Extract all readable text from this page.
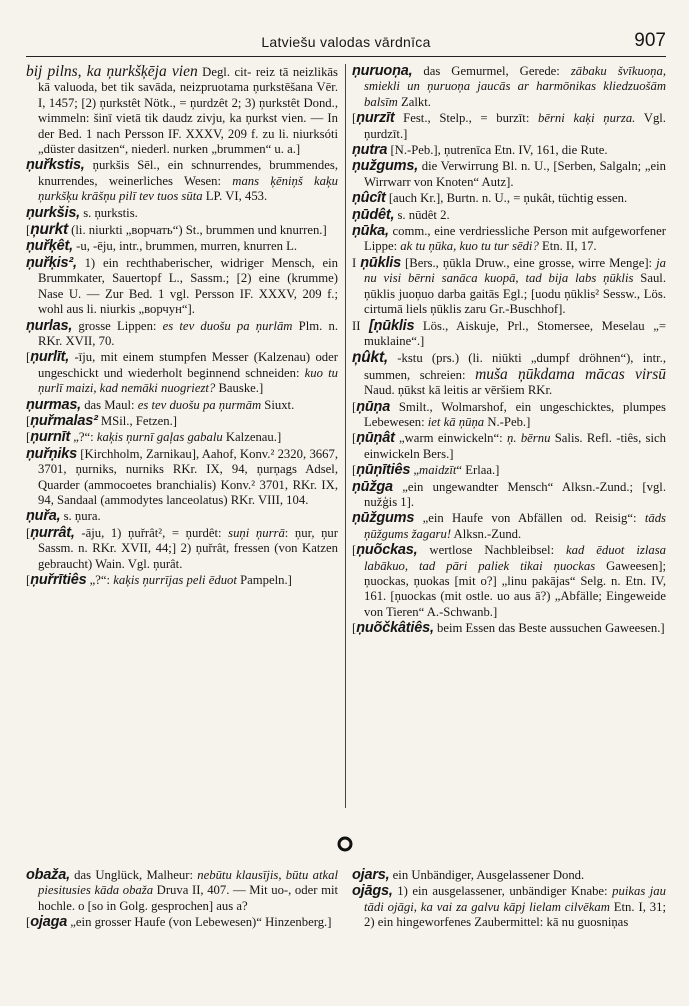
Latviešu valodas vārdnīca	907

bij pilns, ka ņurkšķēja vien Degl. cit- reiz tā neizlikās kā valuoda, bet tik savāda, neizpruotama ņurkstēšana Vēr. I, 1457; [2) ņurkstêt Nötk., = ņurdzêt 2; 3) ņurkstêt Dond., wimmeln: šinī vietā tik daudz zivju, ka ņurkst vien. — In der Bed. 1 nach Persson IF. XXXV, 209 f. zu li. niurksóti „düster dasitzen“, niederl. nurken „brummen“ u. a.]

ņuřkstis, ņurkšis Sēl., ein schnurrendes, brummendes, knurrendes, weinerliches Wesen: mans ķēniņš kaķu ņurkšķu krāšņu pilī tev tuos sūta LP. VI, 453.

ņurkšis, s. ņurkstis.

[ņurkt (li. niurkti „ворчать“) St., brummen und knurren.]

ņuřķêt, -u, -ēju, intr., brummen, murren, knurren L.

ņuřķis², 1) ein rechthaberischer, widriger Mensch, ein Brummkater, Sauertopf L., Sassm.; [2) eine (krumme) Nase U. — Zur Bed. 1 vgl. Persson IF. XXXV, 209 f.; wohl aus li. niurkis „ворчун“].

ņurlas, grosse Lippen: es tev duošu pa ņurlām Plm. n. RKr. XVII, 70.

[ņurlīt, -īju, mit einem stumpfen Messer (Kalzenau) oder ungeschickt und wiederholt beginnend schneiden: kuo tu ņurlī maizi, kad nemāki nuogriezt? Bauske.]

ņurmas, das Maul: es tev duošu pa ņurmām Siuxt.

[ņuřmalas² MSil., Fetzen.]

[ņurnīt „?“: kaķis ņurnī gaļas gabalu Kalzenau.]

ņuřņiks [Kirchholm, Zarnikau], Aahof, Konv.² 2320, 3667, 3701, ņurniks, nurniks RKr. IX, 94, ņurņags Adsel, Quarder (ammocoetes branchialis) Konv.² 3701, RKr. IX, 94, Sandaal (ammodytes lanceolatus) RKr. VIII, 104.

ņuřa, s. ņura.

[ņurrât, -āju, 1) ņuřrât², = ņurdêt: suņi ņurrā: ņur, ņur Sassm. n. RKr. XVII, 44;] 2) ņuřrât, fressen (von Katzen gebraucht) Wain. Vgl. ņurât.

[ņuřrītiês „?“: kaķis ņurrījas peli ēduot Pampeln.]

ņuruoņa, das Gemurmel, Gerede: zābaku švīkuoņa, smiekli un ņuruoņa jaucās ar harmōnikas kliedzuošām balsīm Zalkt.

[ņurzīt Fest., Stelp., = burzīt: bērni kaķi ņurza. Vgl. ņurdzīt.]

ņutra [N.-Peb.], ņutrenīca Etn. IV, 161, die Rute.

ņužgums, die Verwirrung Bl. n. U., [Serben, Salgaln; „ein Wirrwarr von Knoten“ Autz].

ņûcît [auch Kr.], Burtn. n. U., = ņukât, tüchtig essen.

ņūdêt, s. nūdêt 2.

ņūka, comm., eine verdriessliche Person mit aufgeworfener Lippe: ak tu ņūka, kuo tu tur sēdi? Etn. II, 17.

I ņūklis [Bers., ņūkla Druw., eine grosse, wirre Menge]: ja nu visi bērni sanāca kuopā, tad bija labs ņūklis Saul. ņūklis juoņuo darba gaitās Egl.; [uodu ņūklis² Sessw., Lös. cirtumā liels ņūklis zaru Gr.-Buschhof].

II [ņūklis Lös., Aiskuje, Prl., Stomersee, Meselau „= muklaine“.]

ņûkt, -kstu (prs.) (li. niūkti „dumpf dröhnen“), intr., summen, schreien: muša ņūkdama mācas virsū Naud. ņūkst kā leitis ar vēršiem RKr.

[ņūņa Smilt., Wolmarshof, ein ungeschicktes, plumpes Lebewesen: iet kā ņūņa N.-Peb.]

[ņūņât „warm einwickeln“: ņ. bērnu Salis. Refl. -tiês, sich einwickeln Bers.]

[ņūņītiês „maidzīt“ Erlaa.]

ņūžga „ein ungewandter Mensch“ Alksn.-Zund.; [vgl. nužģis 1].

ņūžgums „ein Haufe von Abfällen od. Reisig“: tāds ņūžgums žagaru! Alksn.-Zund.

[ņuõckas, wertlose Nachbleibsel: kad ēduot izlasa labākuo, tad pāri paliek tikai ņuockas Gaweesen]; ņuockas, ņuokas [mit o?] „linu pakājas“ Selg. n. Etn. IV, 161. [ņuockas (mit ostle. uo aus ā?) „Abfälle; Eingeweide von Tieren“ A.-Schwanb.]

[ņuõčkâtiês, beim Essen das Beste aussuchen Gaweesen.]

obaža, das Unglück, Malheur: nebūtu klausījis, būtu atkal piesitusies kāda obaža Druva II, 407. — Mit uo-, oder mit hochle. o [so in Golg. gesprochen] aus a?

[ojaga „ein grosser Haufe (von Lebewesen)“ Hinzenberg.]

ojars, ein Unbändiger, Ausgelassener Dond.

ojāgs, 1) ein ausgelassener, unbändiger Knabe: puikas jau tādi ojāgi, ka vai za galvu kāpj lielam cilvēkam Etn. I, 31; 2) ein hingeworfenes Zaubermittel: kā nu guosniņas
